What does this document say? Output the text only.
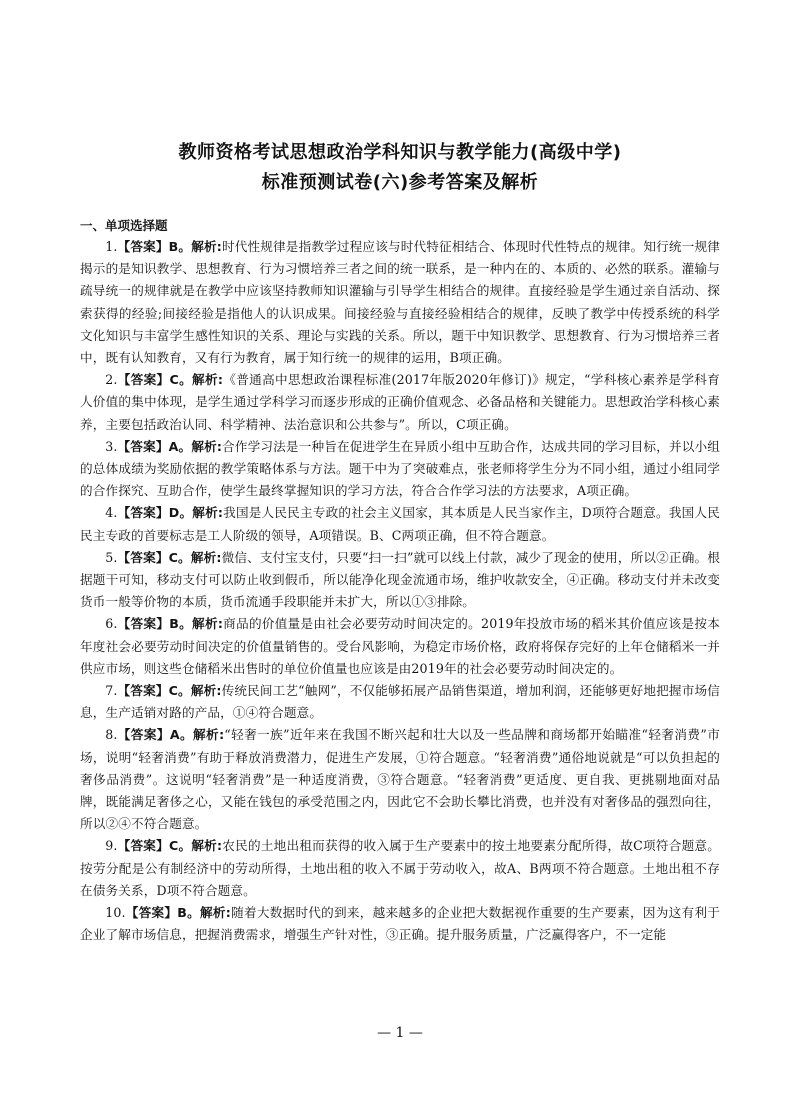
教师资格考试思想政治学科知识与教学能力(高级中学)
标准预测试卷(六)参考答案及解析
一、单项选择题

1.【答案】B。解析:时代性规律是指教学过程应该与时代特征相结合、体现时代性特点的规律。知行统一规律揭示的是知识教学、思想教育、行为习惯培养三者之间的统一联系，是一种内在的、本质的、必然的联系。灌输与疏导统一的规律就是在教学中应该坚持教师知识灌输与引导学生相结合的规律。直接经验是学生通过亲自活动、探索获得的经验;间接经验是指他人的认识成果。间接经验与直接经验相结合的规律，反映了教学中传授系统的科学文化知识与丰富学生感性知识的关系、理论与实践的关系。所以，题干中知识教学、思想教育、行为习惯培养三者中，既有认知教育，又有行为教育，属于知行统一的规律的运用，B项正确。

2.【答案】C。解析:《普通高中思想政治课程标准(2017年版2020年修订)》规定，“学科核心素养是学科育人价值的集中体现，是学生通过学科学习而逐步形成的正确价值观念、必备品格和关键能力。思想政治学科核心素养，主要包括政治认同、科学精神、法治意识和公共参与”。所以，C项正确。

3.【答案】A。解析:合作学习法是一种旨在促进学生在异质小组中互助合作，达成共同的学习目标，并以小组的总体成绩为奖励依据的教学策略体系与方法。题干中为了突破难点，张老师将学生分为不同小组，通过小组同学的合作探究、互助合作，使学生最终掌握知识的学习方法，符合合作学习法的方法要求，A项正确。

4.【答案】D。解析:我国是人民民主专政的社会主义国家，其本质是人民当家作主，D项符合题意。我国人民民主专政的首要标志是工人阶级的领导，A项错误。B、C两项正确，但不符合题意。

5.【答案】C。解析:微信、支付宝支付，只要“扫一扫”就可以线上付款，减少了现金的使用，所以②正确。根据题干可知，移动支付可以防止收到假币，所以能净化现金流通市场，维护收款安全，④正确。移动支付并未改变货币一般等价物的本质，货币流通手段职能并未扩大，所以①③排除。

6.【答案】B。解析:商品的价值量是由社会必要劳动时间决定的。2019年投放市场的稻米其价值应该是按本年度社会必要劳动时间决定的价值量销售的。受台风影响，为稳定市场价格，政府将保存完好的上年仓储稻米一并供应市场，则这些仓储稻米出售时的单位价值量也应该是由2019年的社会必要劳动时间决定的。

7.【答案】C。解析:传统民间工艺“触网”，不仅能够拓展产品销售渠道，增加利润，还能够更好地把握市场信息，生产适销对路的产品，①④符合题意。

8.【答案】A。解析:“轻奢一族”近年来在我国不断兴起和壮大以及一些品牌和商场都开始瞄准“轻奢消费”市场，说明“轻奢消费”有助于释放消费潜力，促进生产发展，①符合题意。“轻奢消费”通俗地说就是“可以负担起的奢侈品消费”。这说明“轻奢消费”是一种适度消费，③符合题意。“轻奢消费”更适度、更自我、更挑剔地面对品牌，既能满足奢侈之心，又能在钱包的承受范围之内，因此它不会助长攀比消费，也并没有对奢侈品的强烈向往，所以②④不符合题意。

9.【答案】C。解析:农民的土地出租而获得的收入属于生产要素中的按土地要素分配所得，故C项符合题意。按劳分配是公有制经济中的劳动所得，土地出租的收入不属于劳动收入，故A、B两项不符合题意。土地出租不存在债务关系，D项不符合题意。

10.【答案】B。解析:随着大数据时代的到来，越来越多的企业把大数据视作重要的生产要素，因为这有利于企业了解市场信息，把握消费需求，增强生产针对性，③正确。提升服务质量，广泛赢得客户，不一定能

— 1 —
